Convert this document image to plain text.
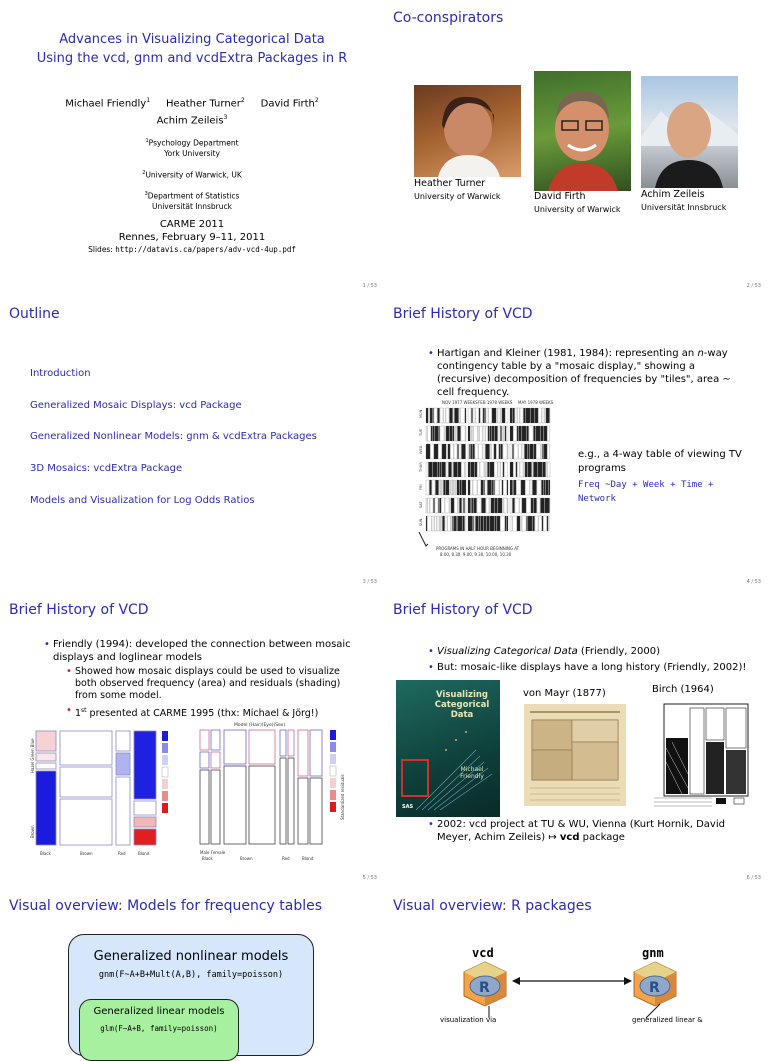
Advances in Visualizing Categorical Data
Using the vcd, gnm and vcdExtra Packages in R
Michael Friendly$^1$ Heather Turner$^2$ David Firth$^2$
Achim Zeileis$^3$
$^1$Psychology Department
York University
$^2$University of Warwick, UK
$^3$Department of Statistics
Universität Innsbruck
CARME 2011
Rennes, February 9–11, 2011
Slides: http://datavis.ca/papers/adv-vcd-4up.pdf
1 / 53
Co-conspirators
Heather Turner
University of Warwick	David Firth
University of Warwick
Achim Zeileis
Universität Innsbruck
2 / 53
Outline
Introduction
Generalized Mosaic Displays: vcd Package
Generalized Nonlinear Models: gnm & vcdExtra Packages
3D Mosaics: vcdExtra Package
Models and Visualization for Log Odds Ratios
3 / 53
Brief History of VCD
• Hartigan and Kleiner (1981, 1984): representing an n-way contingency table by a "mosaic display," showing a (recursive) decomposition of frequencies by "tiles", area ∼ cell frequency.
NOV 1977 WEEKS FEB 1978 WEEKS MAY 1978 WEEKS
MON
TUE
WED
THUR
FRI
SAT
SUN
PROGRAMS IN HALF HOUR BEGINNING AT
8.00, 8.30, 9.00, 9.30, 10.00, 10.30
e.g., a 4-way table of viewing TV programs
Freq ~Day + Week + Time +
Network
4 / 53
Brief History of VCD
• Friendly (1994): developed the connection between mosaic displays and loglinear models
• Showed how mosaic displays could be used to visualize both observed frequency (area) and residuals (shading) from some model.
• 1st presented at CARME 1995 (thx: Michael & Jörg!)
Hazel Green Blue
Brown
Black	Brown	Red	Blond
Model (Hair)(Eye)(Sex)
Male Female
Black	Brown	Red	Blond
Standardized residuals
5 / 53
Brief History of VCD
• Visualizing Categorical Data (Friendly, 2000)
• But: mosaic-like displays have a long history (Friendly, 2002)!
Visualizing
Categorical
Data
Michael
Friendly
SAS
von Mayr (1877)	Birch (1964)
• 2002: vcd project at TU & WU, Vienna (Kurt Hornik, David Meyer, Achim Zeileis) ↦ vcd package
6 / 53
Visual overview: Models for frequency tables
Generalized nonlinear models
gnm(F~A+B+Mult(A,B), family=poisson)
Generalized linear models
glm(F~A+B, family=poisson)
Visual overview: R packages
vcd	gnm
R	R
visualization via	generalized linear &
